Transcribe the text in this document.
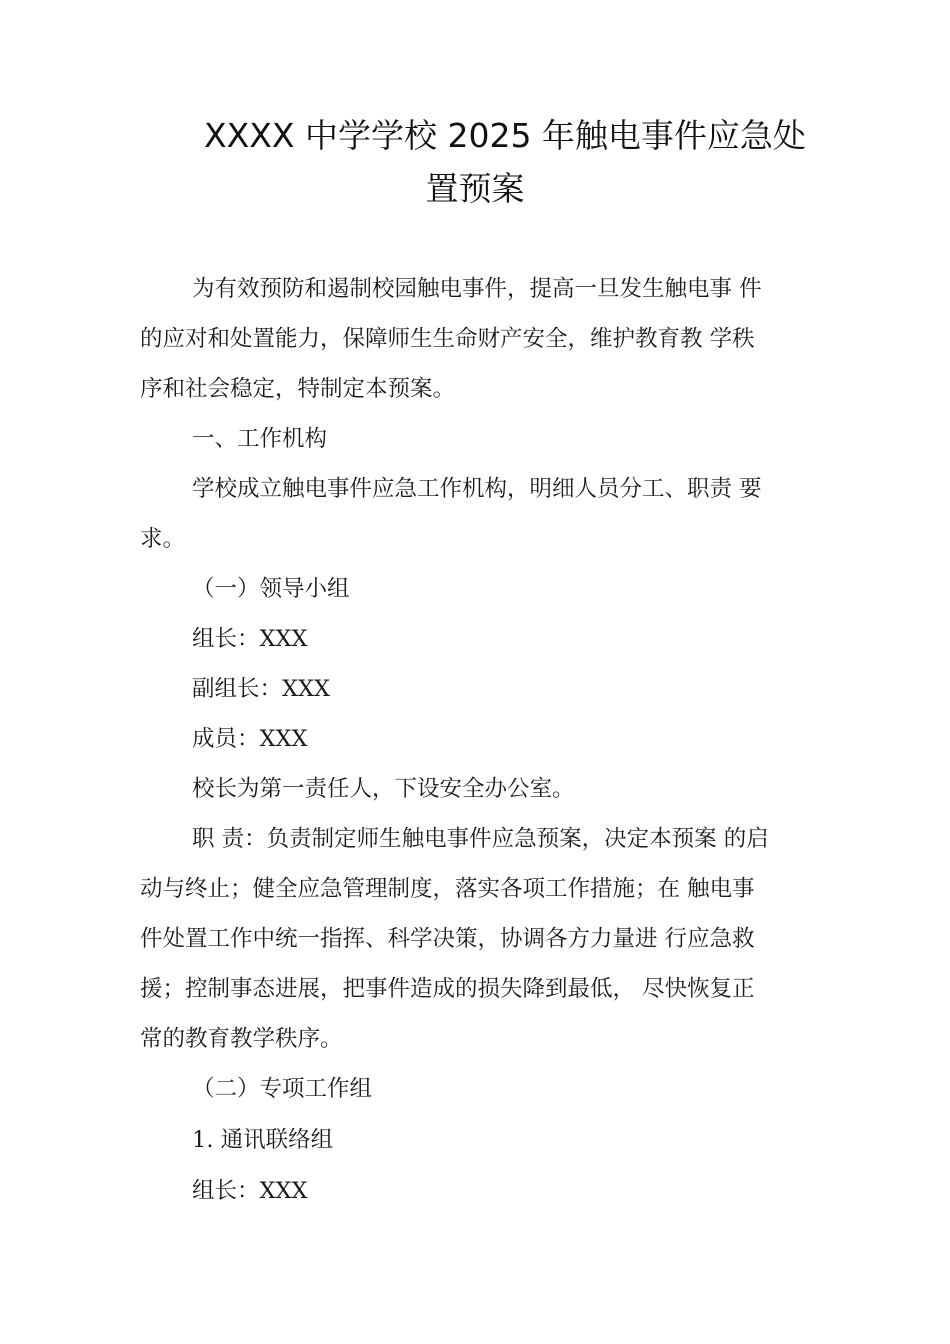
XXXX 中学学校 2025 年触电事件应急处
置预案
为有效预防和遏制校园触电事件，提高一旦发生触电事 件
的应对和处置能力，保障师生生命财产安全，维护教育教 学秩
序和社会稳定，特制定本预案。
一、工作机构
学校成立触电事件应急工作机构，明细人员分工、职责 要
求。
（一）领导小组
组长：XXX
副组长：XXX
成员：XXX
校长为第一责任人，下设安全办公室。
职 责：负责制定师生触电事件应急预案，决定本预案 的启
动与终止；健全应急管理制度，落实各项工作措施；在 触电事
件处置工作中统一指挥、科学决策，协调各方力量进 行应急救
援；控制事态进展，把事件造成的损失降到最低， 尽快恢复正
常的教育教学秩序。
（二）专项工作组
1. 通讯联络组
组长：XXX
